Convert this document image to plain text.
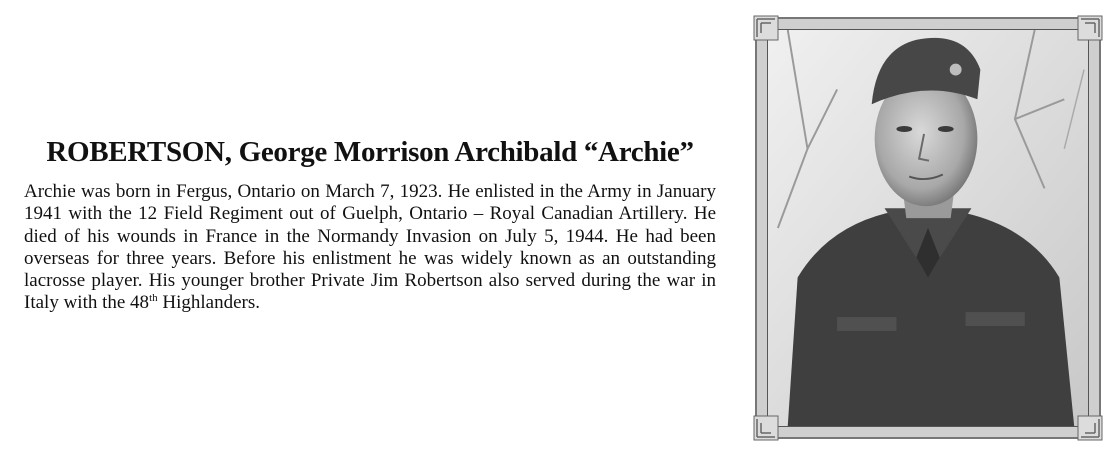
ROBERTSON, George Morrison Archibald “Archie”

Archie was born in Fergus, Ontario on March 7, 1923. He enlisted in the Army in January 1941 with the 12 Field Regiment out of Guelph, Ontario – Royal Canadian Artillery. He died of his wounds in France in the Normandy Invasion on July 5, 1944. He had been overseas for three years. Before his enlistment he was widely known as an outstanding lacrosse player. His younger brother Private Jim Robertson also served during the war in Italy with the 48th Highlanders.
